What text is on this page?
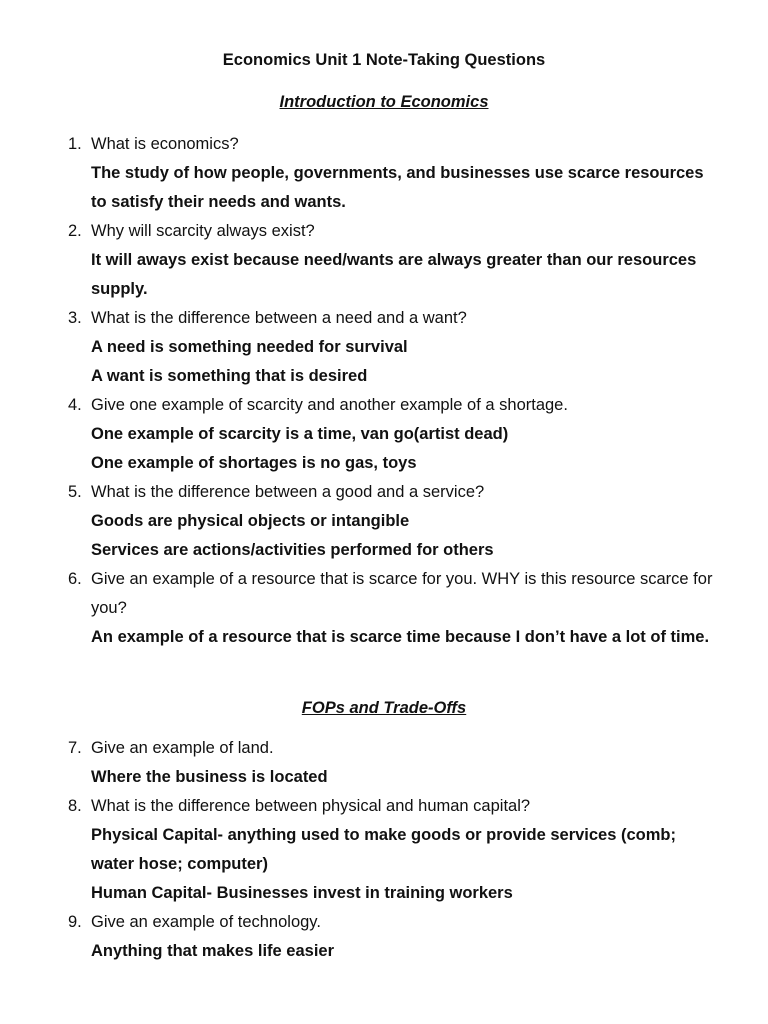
Economics Unit 1 Note-Taking Questions
Introduction to Economics
1. What is economics?
The study of how people, governments, and businesses use scarce resources to satisfy their needs and wants.
2. Why will scarcity always exist?
It will aways exist because need/wants are always greater than our resources supply.
3. What is the difference between a need and a want?
A need is something needed for survival
A want is something that is desired
4. Give one example of scarcity and another example of a shortage.
One example of scarcity is a time, van go(artist dead)
One example of shortages is no gas, toys
5. What is the difference between a good and a service?
Goods are physical objects or intangible
Services are actions/activities performed for others
6. Give an example of a resource that is scarce for you. WHY is this resource scarce for you?
An example of a resource that is scarce time because I don’t have a lot of time.
FOPs and Trade-Offs
7. Give an example of land.
Where the business is located
8. What is the difference between physical and human capital?
Physical Capital- anything used to make goods or provide services (comb; water hose; computer)
Human Capital- Businesses invest in training workers
9. Give an example of technology.
Anything that makes life easier
